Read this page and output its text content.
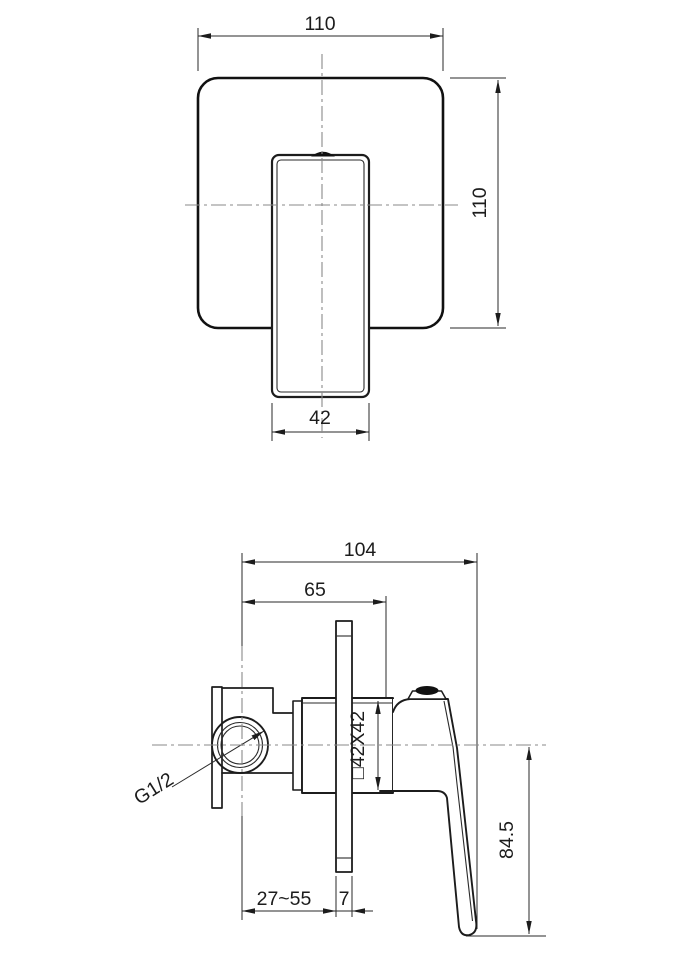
110
110
42
□42X42
G1/2
104
65
27~55 7
84.5
